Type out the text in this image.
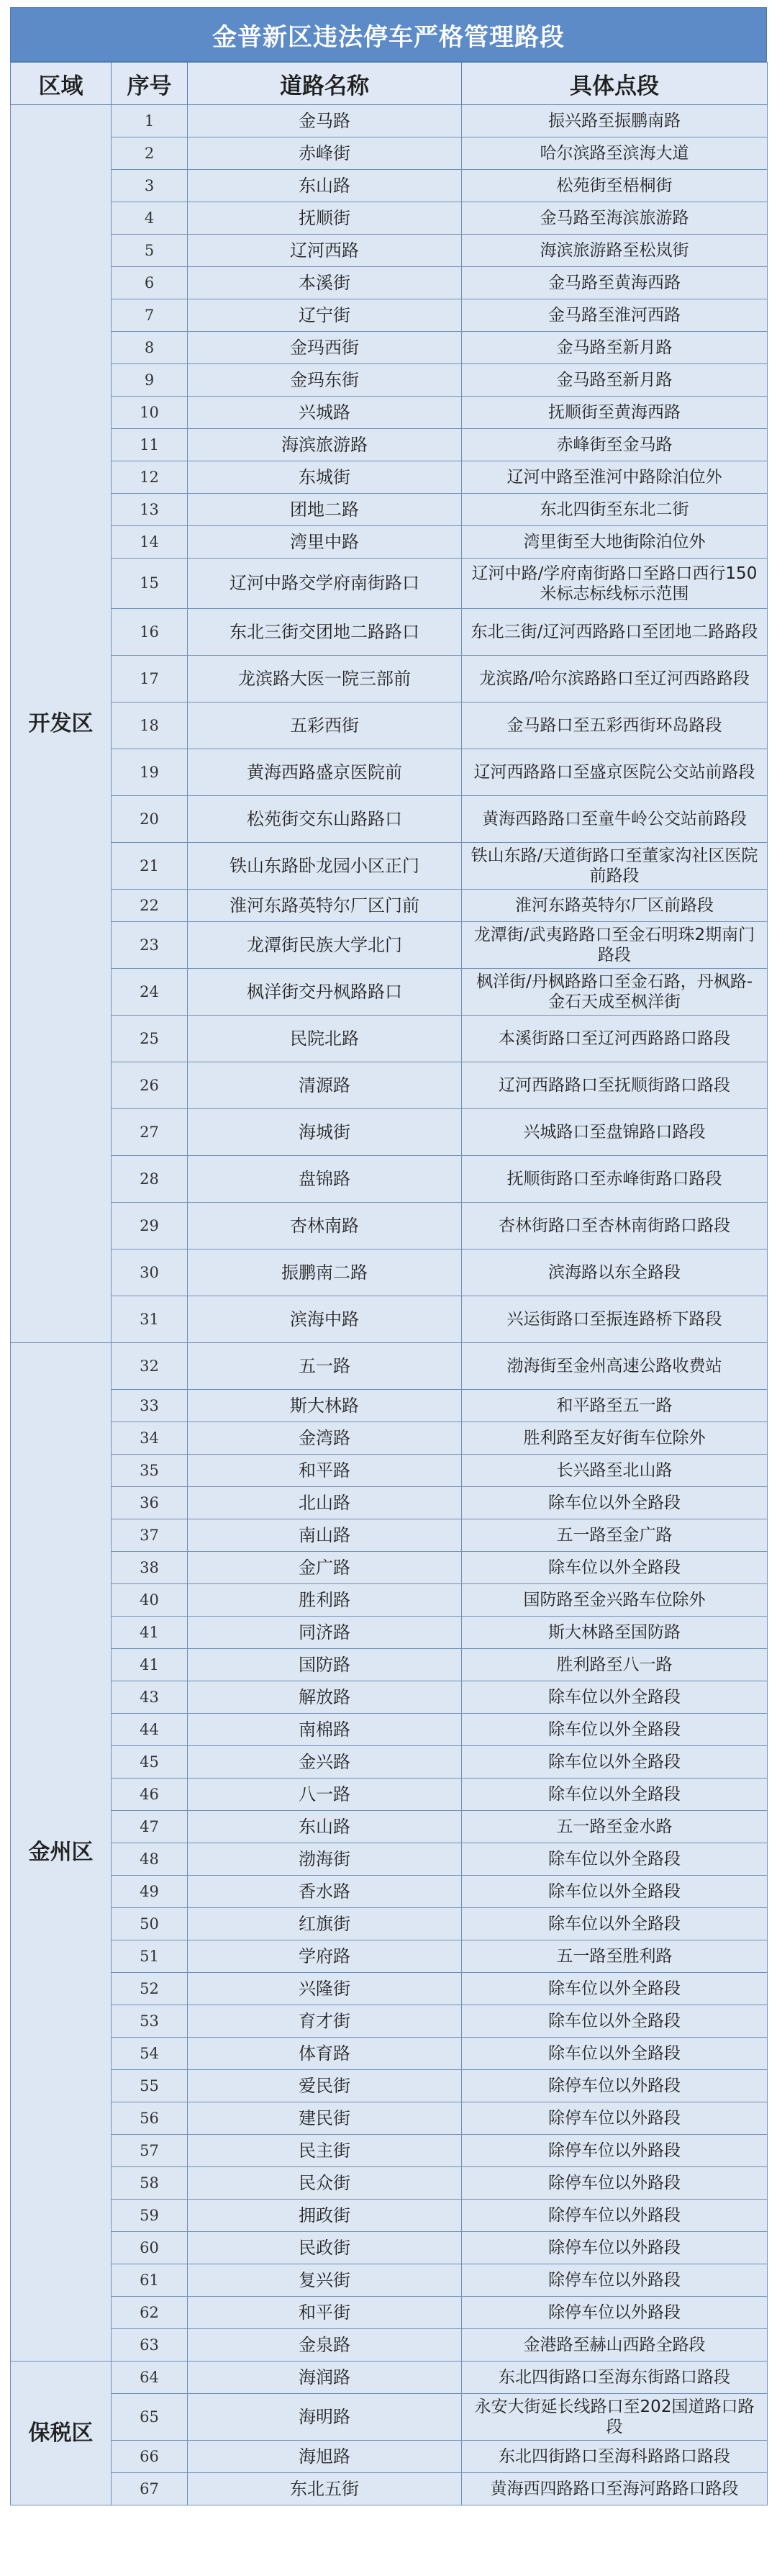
金普新区违法停车严格管理路段
区域	序号	道路名称	具体点段
开发区	1	金马路	振兴路至振鹏南路
	2	赤峰街	哈尔滨路至滨海大道
	3	东山路	松苑街至梧桐街
	4	抚顺街	金马路至海滨旅游路
	5	辽河西路	海滨旅游路至松岚街
	6	本溪街	金马路至黄海西路
	7	辽宁街	金马路至淮河西路
	8	金玛西街	金马路至新月路
	9	金玛东街	金马路至新月路
	10	兴城路	抚顺街至黄海西路
	11	海滨旅游路	赤峰街至金马路
	12	东城街	辽河中路至淮河中路除泊位外
	13	团地二路	东北四街至东北二街
	14	湾里中路	湾里街至大地街除泊位外
	15	辽河中路交学府南街路口	辽河中路/学府南街路口至路口西行150米标志标线标示范围
	16	东北三街交团地二路路口	东北三街/辽河西路路口至团地二路路段
	17	龙滨路大医一院三部前	龙滨路/哈尔滨路路口至辽河西路路段
	18	五彩西街	金马路口至五彩西街环岛路段
	19	黄海西路盛京医院前	辽河西路路口至盛京医院公交站前路段
	20	松苑街交东山路路口	黄海西路路口至童牛岭公交站前路段
	21	铁山东路卧龙园小区正门	铁山东路/天道街路口至董家沟社区医院前路段
	22	淮河东路英特尔厂区门前	淮河东路英特尔厂区前路段
	23	龙潭街民族大学北门	龙潭街/武夷路路口至金石明珠2期南门路段
	24	枫洋街交丹枫路路口	枫洋街/丹枫路路口至金石路，丹枫路-金石天成至枫洋街
	25	民院北路	本溪街路口至辽河西路路口路段
	26	清源路	辽河西路路口至抚顺街路口路段
	27	海城街	兴城路口至盘锦路口路段
	28	盘锦路	抚顺街路口至赤峰街路口路段
	29	杏林南路	杏林街路口至杏林南街路口路段
	30	振鹏南二路	滨海路以东全路段
	31	滨海中路	兴运街路口至振连路桥下路段
金州区	32	五一路	渤海街至金州高速公路收费站
	33	斯大林路	和平路至五一路
	34	金湾路	胜利路至友好街车位除外
	35	和平路	长兴路至北山路
	36	北山路	除车位以外全路段
	37	南山路	五一路至金广路
	38	金广路	除车位以外全路段
	40	胜利路	国防路至金兴路车位除外
	41	同济路	斯大林路至国防路
	41	国防路	胜利路至八一路
	43	解放路	除车位以外全路段
	44	南棉路	除车位以外全路段
	45	金兴路	除车位以外全路段
	46	八一路	除车位以外全路段
	47	东山路	五一路至金水路
	48	渤海街	除车位以外全路段
	49	香水路	除车位以外全路段
	50	红旗街	除车位以外全路段
	51	学府路	五一路至胜利路
	52	兴隆街	除车位以外全路段
	53	育才街	除车位以外全路段
	54	体育路	除车位以外全路段
	55	爱民街	除停车位以外路段
	56	建民街	除停车位以外路段
	57	民主街	除停车位以外路段
	58	民众街	除停车位以外路段
	59	拥政街	除停车位以外路段
	60	民政街	除停车位以外路段
	61	复兴街	除停车位以外路段
	62	和平街	除停车位以外路段
	63	金泉路	金港路至赫山西路全路段
保税区	64	海润路	东北四街路口至海东街路口路段
	65	海明路	永安大街延长线路口至202国道路口路段
	66	海旭路	东北四街路口至海科路路口路段
	67	东北五街	黄海西四路路口至海河路路口路段
